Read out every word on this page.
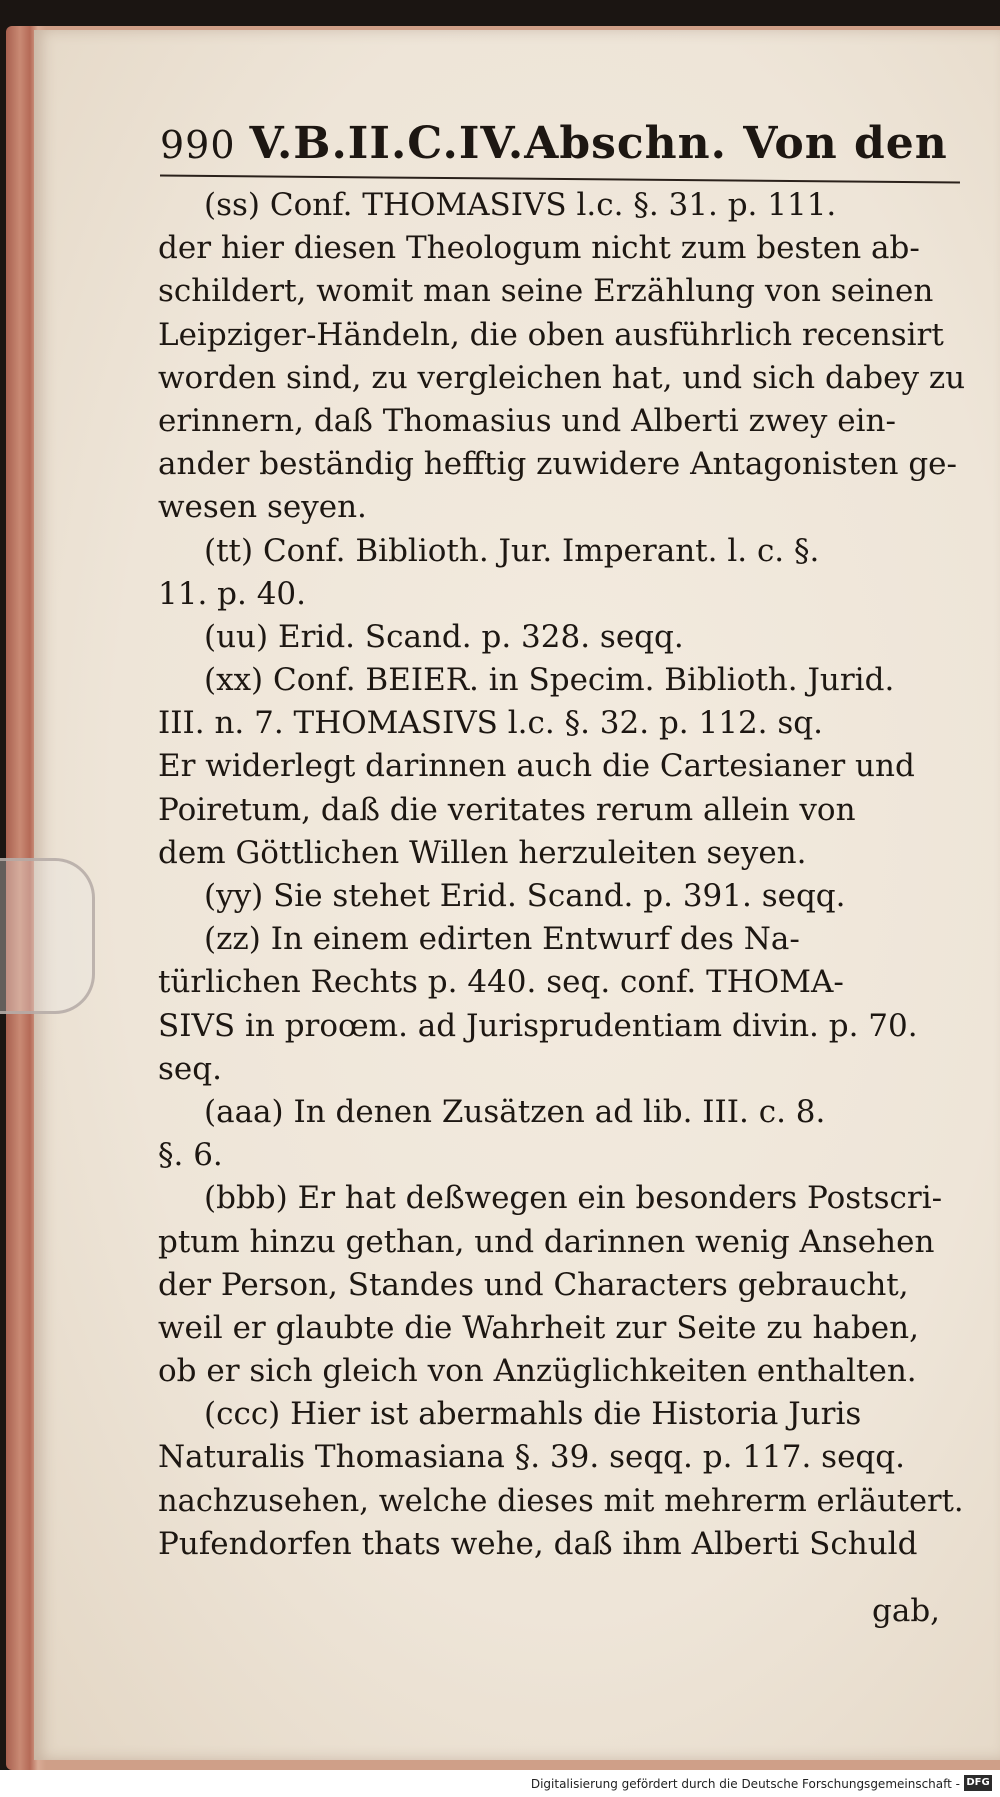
990 V.B.II.C.IV.Abschn. Von den
(ss) Conf. THOMASIVS l.c. §. 31. p. 111.
der hier diesen Theologum nicht zum besten ab-
schildert, womit man seine Erzählung von seinen
Leipziger-Händeln, die oben ausführlich recensirt
worden sind, zu vergleichen hat, und sich dabey zu
erinnern, daß Thomasius und Alberti zwey ein-
ander beständig hefftig zuwidere Antagonisten ge-
wesen seyen.
(tt) Conf. Biblioth. Jur. Imperant. l. c. §.
11. p. 40.
(uu) Erid. Scand. p. 328. seqq.
(xx) Conf. BEIER. in Specim. Biblioth. Jurid.
III. n. 7. THOMASIVS l.c. §. 32. p. 112. sq.
Er widerlegt darinnen auch die Cartesianer und
Poiretum, daß die veritates rerum allein von
dem Göttlichen Willen herzuleiten seyen.
(yy) Sie stehet Erid. Scand. p. 391. seqq.
(zz) In einem edirten Entwurf des Na-
türlichen Rechts p. 440. seq. conf. THOMA-
SIVS in proœm. ad Jurisprudentiam divin. p. 70.
seq.
(aaa) In denen Zusätzen ad lib. III. c. 8.
§. 6.
(bbb) Er hat deßwegen ein besonders Postscri-
ptum hinzu gethan, und darinnen wenig Ansehen
der Person, Standes und Characters gebraucht,
weil er glaubte die Wahrheit zur Seite zu haben,
ob er sich gleich von Anzüglichkeiten enthalten.
(ccc) Hier ist abermahls die Historia Juris
Naturalis Thomasiana §. 39. seqq. p. 117. seqq.
nachzusehen, welche dieses mit mehrerm erläutert.
Pufendorfen thats wehe, daß ihm Alberti Schuld
gab,
Digitalisierung gefördert durch die Deutsche Forschungsgemeinschaft - DFG
